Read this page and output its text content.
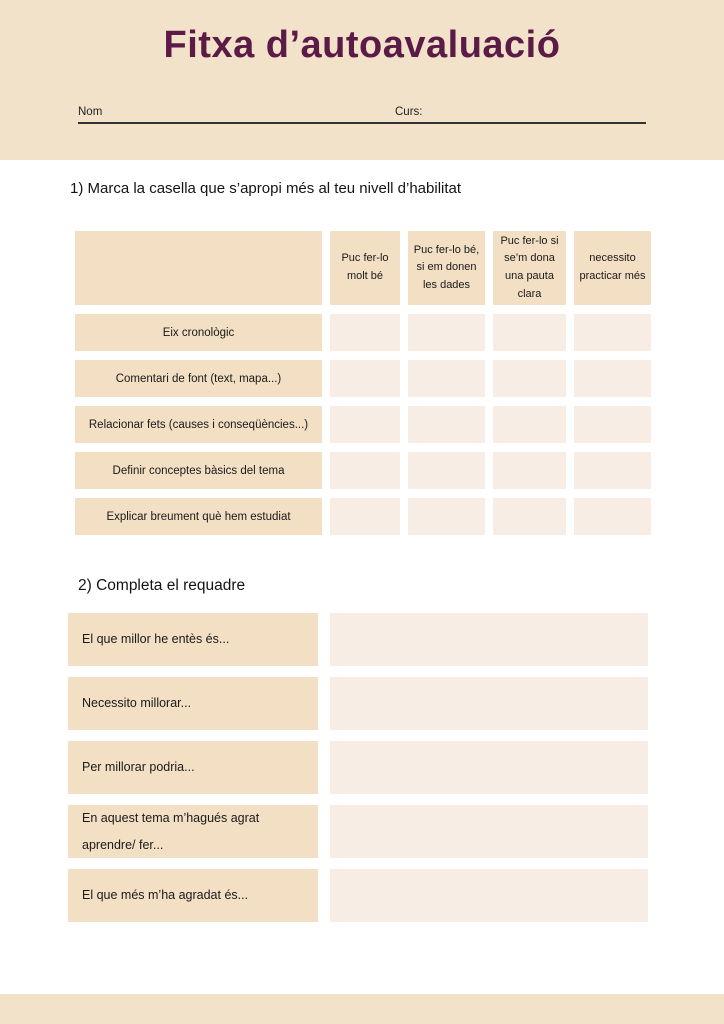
Fitxa d’autoavaluació
Nom	Curs:
1) Marca la casella que s’apropi més al teu nivell d’habilitat
Puc fer-lo molt bé
Puc fer-lo bé, si em donen les dades
Puc fer-lo si se’m dona una pauta clara
necessito practicar més
Eix cronològic
Comentari de font (text, mapa...)
Relacionar fets (causes i conseqüències...)
Definir conceptes bàsics del tema
Explicar breument què hem estudiat
2) Completa el requadre
El que millor he entès és...
Necessito millorar...
Per millorar podria...
En aquest tema m’hagués agrat aprendre/ fer...
El que més m’ha agradat és...
